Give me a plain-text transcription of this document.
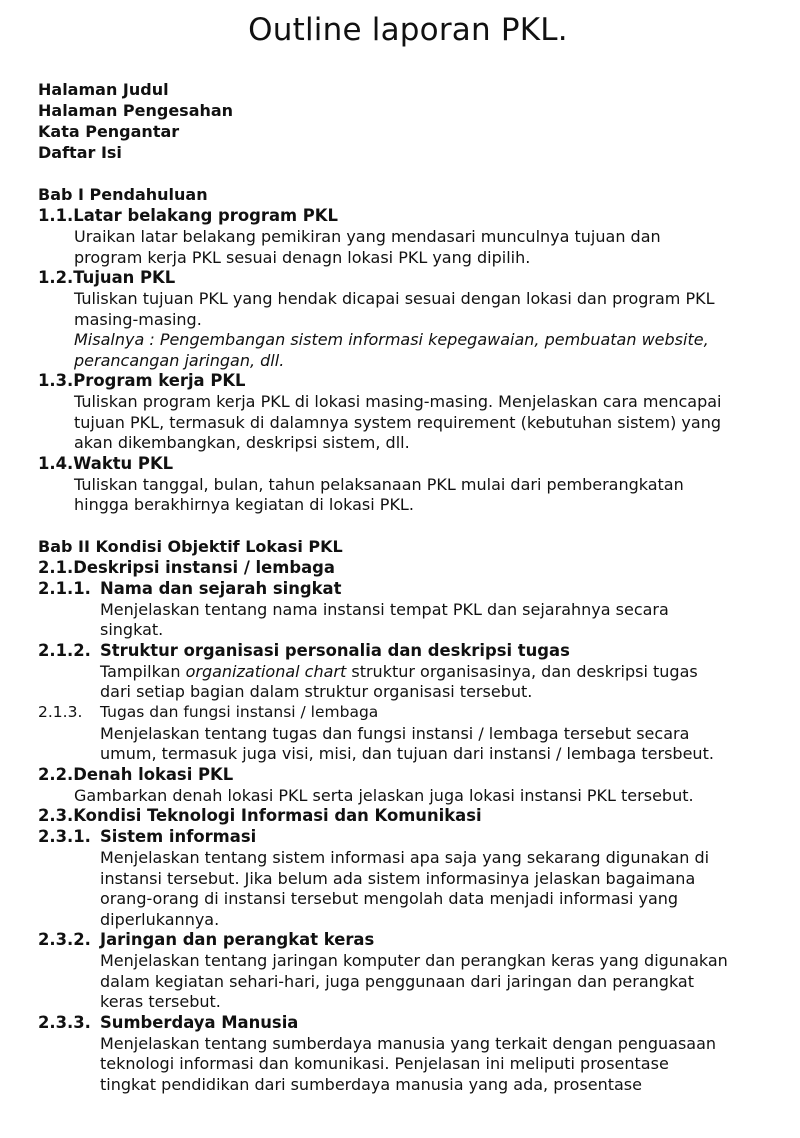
Outline laporan PKL.
Halaman Judul
Halaman Pengesahan
Kata Pengantar
Daftar Isi
Bab I Pendahuluan
1.1. Latar belakang program PKL
Uraikan latar belakang pemikiran yang mendasari munculnya tujuan dan
program kerja PKL sesuai denagn lokasi PKL yang dipilih.
1.2. Tujuan PKL
Tuliskan tujuan PKL yang hendak dicapai sesuai dengan lokasi dan program PKL
masing-masing.
Misalnya : Pengembangan sistem informasi kepegawaian, pembuatan website,
perancangan jaringan, dll.
1.3. Program kerja PKL
Tuliskan program kerja PKL di lokasi masing-masing. Menjelaskan cara mencapai
tujuan PKL, termasuk di dalamnya system requirement (kebutuhan sistem) yang
akan dikembangkan, deskripsi sistem, dll.
1.4. Waktu PKL
Tuliskan tanggal, bulan, tahun pelaksanaan PKL mulai dari pemberangkatan
hingga berakhirnya kegiatan di lokasi PKL.
Bab II Kondisi Objektif Lokasi PKL
2.1. Deskripsi instansi / lembaga
2.1.1. Nama dan sejarah singkat
Menjelaskan tentang nama instansi tempat PKL dan sejarahnya secara
singkat.
2.1.2. Struktur organisasi personalia dan deskripsi tugas
Tampilkan organizational chart struktur organisasinya, dan deskripsi tugas
dari setiap bagian dalam struktur organisasi tersebut.
2.1.3.	Tugas dan fungsi instansi / lembaga
Menjelaskan tentang tugas dan fungsi instansi / lembaga tersebut secara
umum, termasuk juga visi, misi, dan tujuan dari instansi / lembaga tersbeut.
2.2. Denah lokasi PKL
Gambarkan denah lokasi PKL serta jelaskan juga lokasi instansi PKL tersebut.
2.3. Kondisi Teknologi Informasi dan Komunikasi
2.3.1. Sistem informasi
Menjelaskan tentang sistem informasi apa saja yang sekarang digunakan di
instansi tersebut. Jika belum ada sistem informasinya jelaskan bagaimana
orang-orang di instansi tersebut mengolah data menjadi informasi yang
diperlukannya.
2.3.2. Jaringan dan perangkat keras
Menjelaskan tentang jaringan komputer dan perangkan keras yang digunakan
dalam kegiatan sehari-hari, juga penggunaan dari jaringan dan perangkat
keras tersebut.
2.3.3. Sumberdaya Manusia
Menjelaskan tentang sumberdaya manusia yang terkait dengan penguasaan
teknologi informasi dan komunikasi. Penjelasan ini meliputi prosentase
tingkat pendidikan dari sumberdaya manusia yang ada, prosentase
